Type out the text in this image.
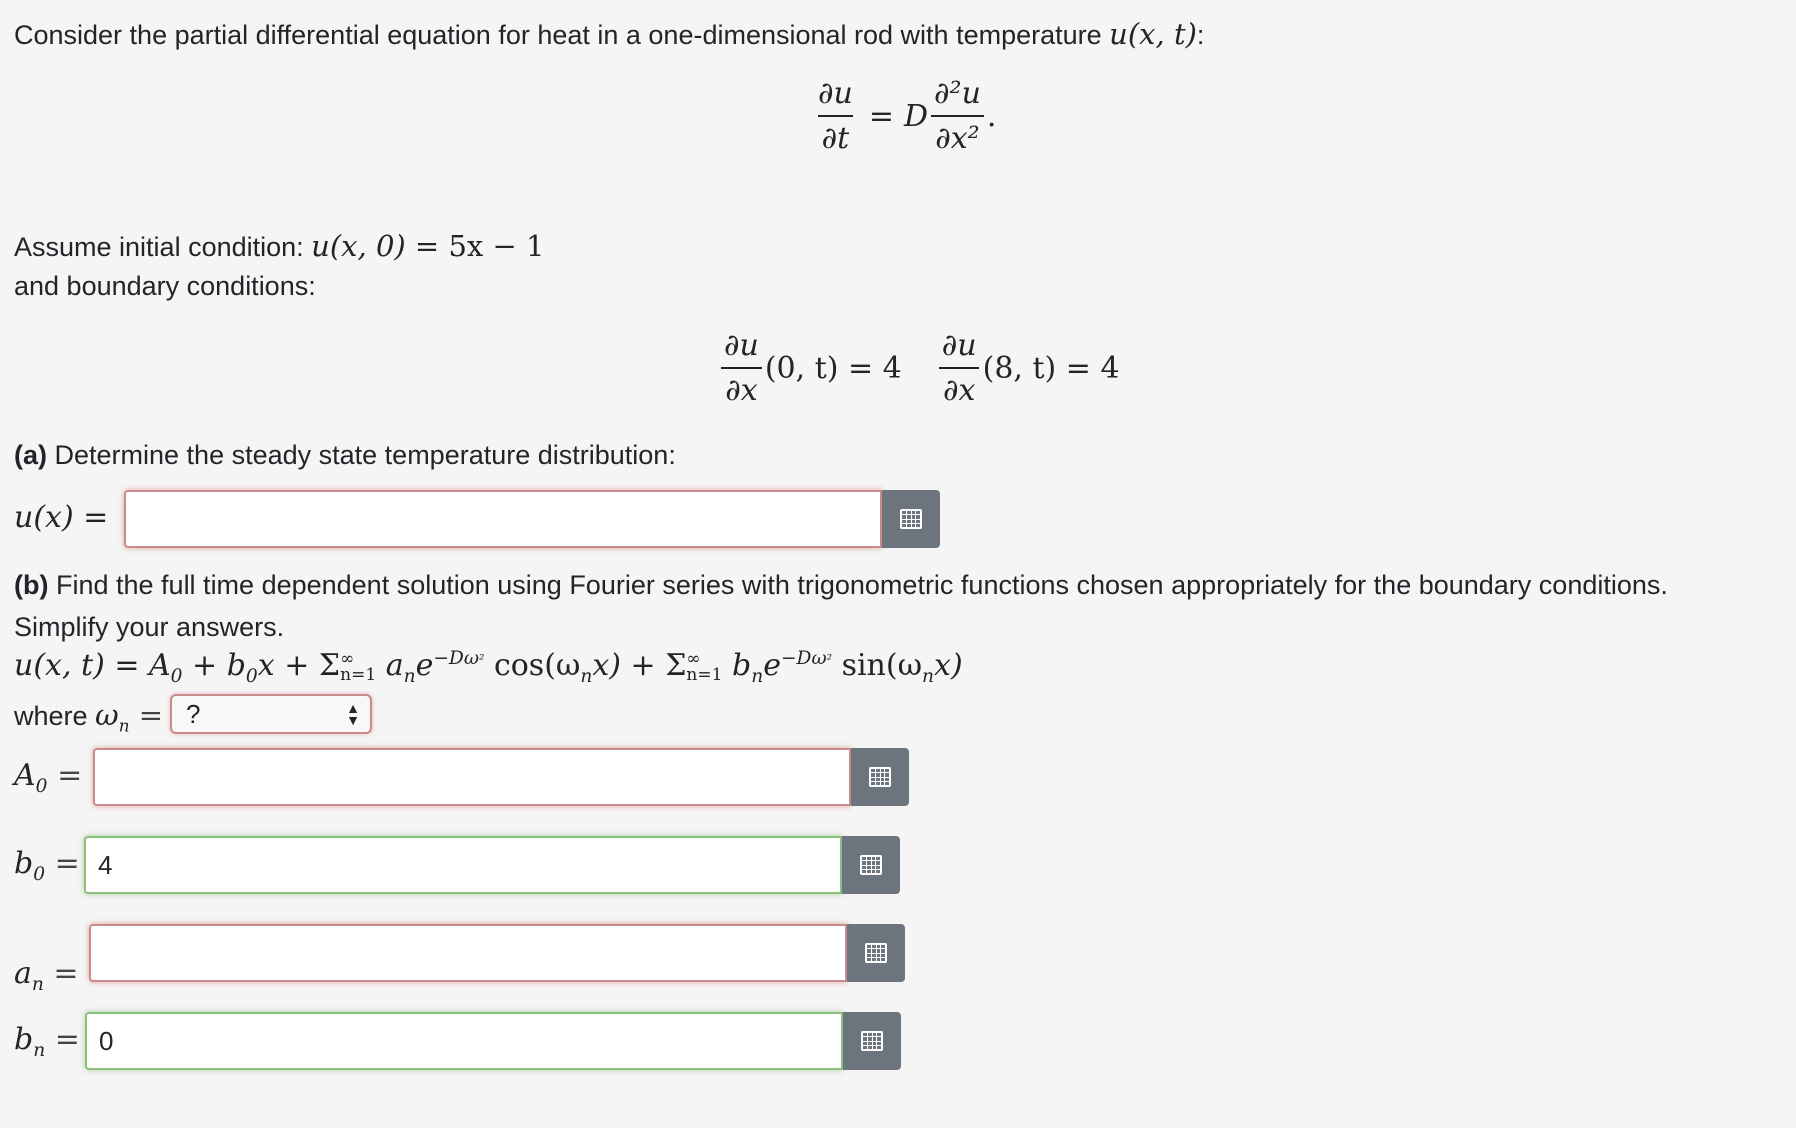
Consider the partial differential equation for heat in a one-dimensional rod with temperature u(x, t):
$\frac{\partial u}{\partial t} = D \frac{\text{∂²u}}{\text{∂x²}}$ .
Assume initial condition: u(x, 0) = 5x − 1
and boundary conditions:
$\frac{\partial u}{\partial x} (0$, $t) = 4 \frac{\partial u}{\partial x} (8$, t) = 4
(a) Determine the steady state temperature distribution:
u(x) =
(b) Find the full time dependent solution using Fourier series with trigonometric functions chosen appropriately for the boundary conditions.
Simplify your answers.
u(x, $t) = A_0 + b_0x + \Sigma$ ∞
n=1 $a_ne^{-D\omega^2}$ $\cos(\omega_nx) + \Sigma$ ∞
n=1 $b_ne^{-D\omega^2}$ $\sin(\omega_nx)$
where $\omega_n$ = ?	▲
▼
$A_0$ =
$b_0 = 4$
$a_n$ =
$b_n = 0$
